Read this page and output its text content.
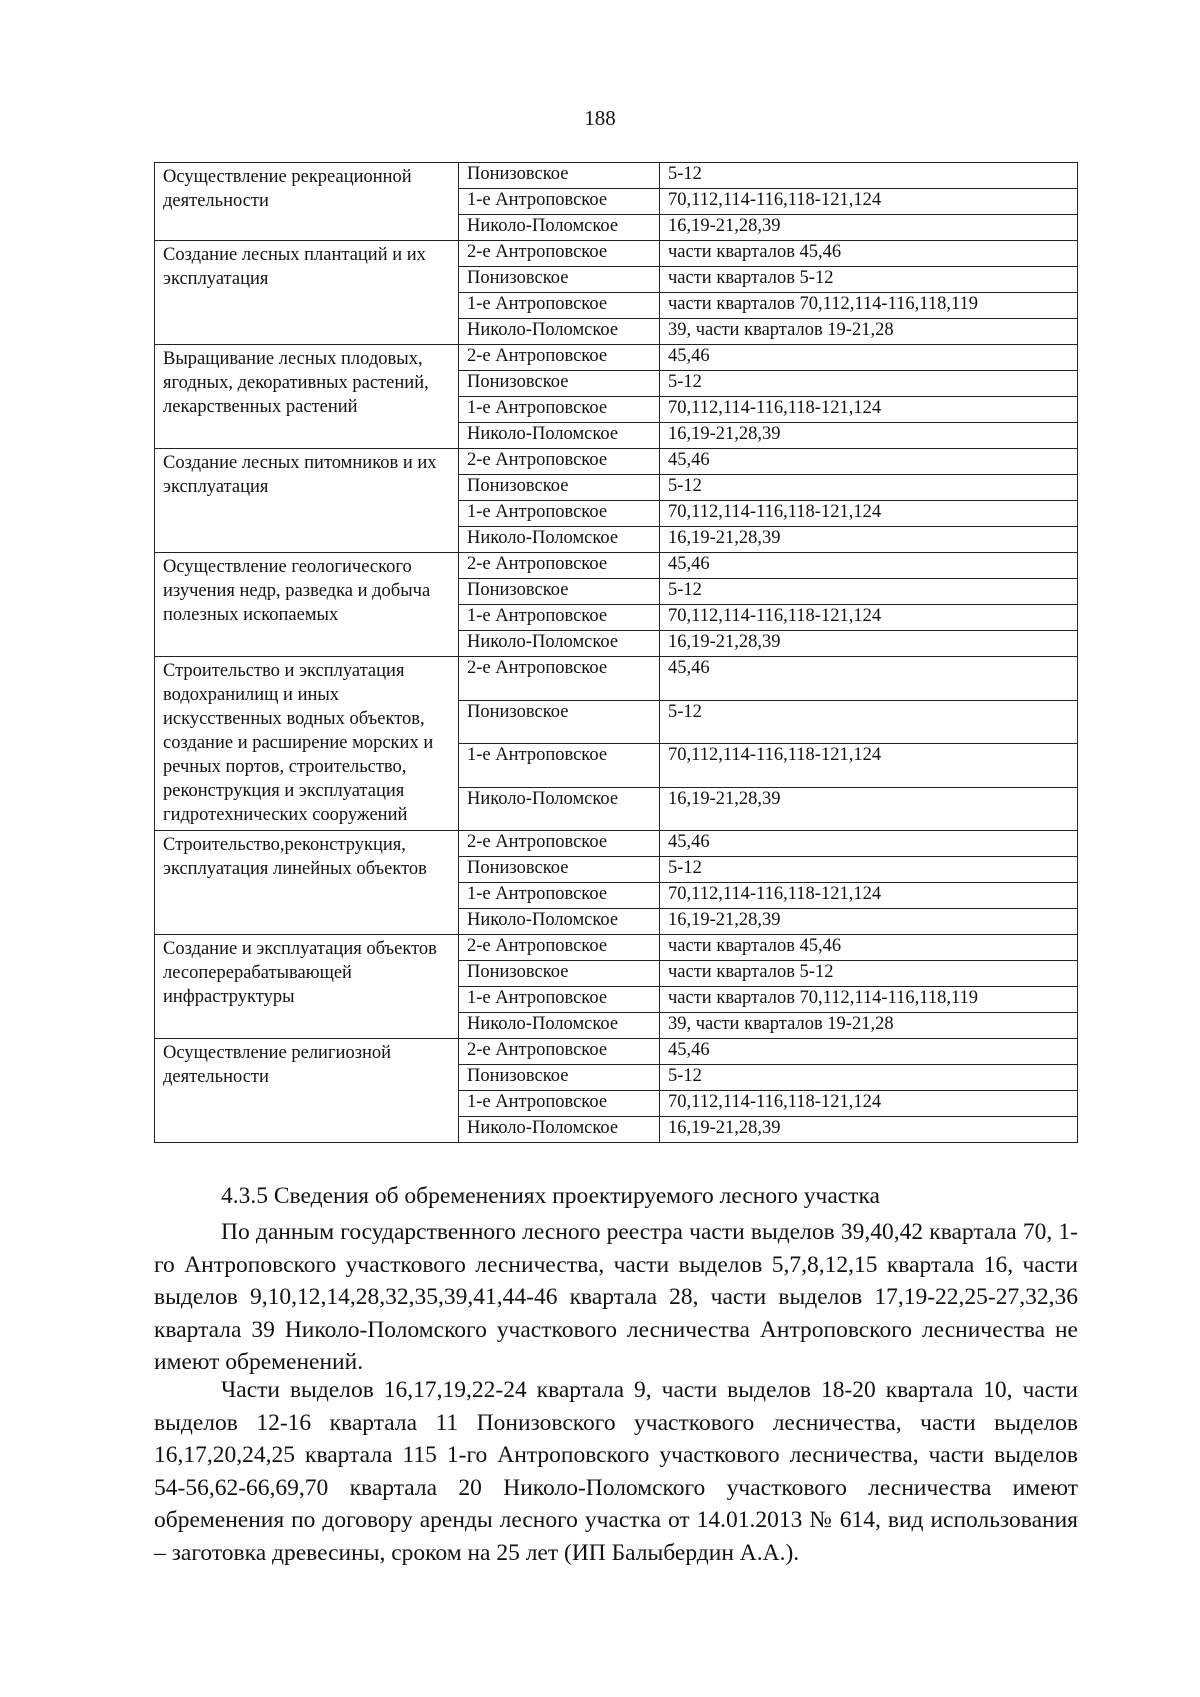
188
Осуществление рекреационной деятельности	Понизовское	5-12
	1-е Антроповское	70,112,114-116,118-121,124
	Николо-Поломское	16,19-21,28,39
Создание лесных плантаций и их эксплуатация	2-е Антроповское	части кварталов 45,46
	Понизовское	части кварталов 5-12
	1-е Антроповское	части кварталов 70,112,114-116,118,119
	Николо-Поломское	39, части кварталов 19-21,28
Выращивание лесных плодовых, ягодных, декоративных растений, лекарственных растений	2-е Антроповское	45,46
	Понизовское	5-12
	1-е Антроповское	70,112,114-116,118-121,124
	Николо-Поломское	16,19-21,28,39
Создание лесных питомников и их эксплуатация	2-е Антроповское	45,46
	Понизовское	5-12
	1-е Антроповское	70,112,114-116,118-121,124
	Николо-Поломское	16,19-21,28,39
Осуществление геологического изучения недр, разведка и добыча полезных ископаемых	2-е Антроповское	45,46
	Понизовское	5-12
	1-е Антроповское	70,112,114-116,118-121,124
	Николо-Поломское	16,19-21,28,39
Строительство и эксплуатация водохранилищ и иных искусственных водных объектов, создание и расширение морских и речных портов, строительство, реконструкция и эксплуатация гидротехнических сооружений	2-е Антроповское	45,46
	Понизовское	5-12
	1-е Антроповское	70,112,114-116,118-121,124
	Николо-Поломское	16,19-21,28,39
Строительство,реконструкция, эксплуатация линейных объектов	2-е Антроповское	45,46
	Понизовское	5-12
	1-е Антроповское	70,112,114-116,118-121,124
	Николо-Поломское	16,19-21,28,39
Создание и эксплуатация объектов лесоперерабатывающей инфраструктуры	2-е Антроповское	части кварталов 45,46
	Понизовское	части кварталов 5-12
	1-е Антроповское	части кварталов 70,112,114-116,118,119
	Николо-Поломское	39, части кварталов 19-21,28
Осуществление религиозной деятельности	2-е Антроповское	45,46
	Понизовское	5-12
	1-е Антроповское	70,112,114-116,118-121,124
	Николо-Поломское	16,19-21,28,39
4.3.5 Сведения об обременениях проектируемого лесного участка

По данным государственного лесного реестра части выделов 39,40,42 квартала 70, 1-го Антроповского участкового лесничества, части выделов 5,7,8,12,15 квартала 16, части выделов 9,10,12,14,28,32,35,39,41,44-46 квартала 28, части выделов 17,19-22,25-27,32,36 квартала 39 Николо-Поломского участкового лесничества Антроповского лесничества не имеют обременений.

Части выделов 16,17,19,22-24 квартала 9, части выделов 18-20 квартала 10, части выделов 12-16 квартала 11 Понизовского участкового лесничества, части выделов 16,17,20,24,25 квартала 115 1-го Антроповского участкового лесничества, части выделов 54-56,62-66,69,70 квартала 20 Николо-Поломского участкового лесничества имеют обременения по договору аренды лесного участка от 14.01.2013 № 614, вид использования – заготовка древесины, сроком на 25 лет (ИП Балыбердин А.А.).
